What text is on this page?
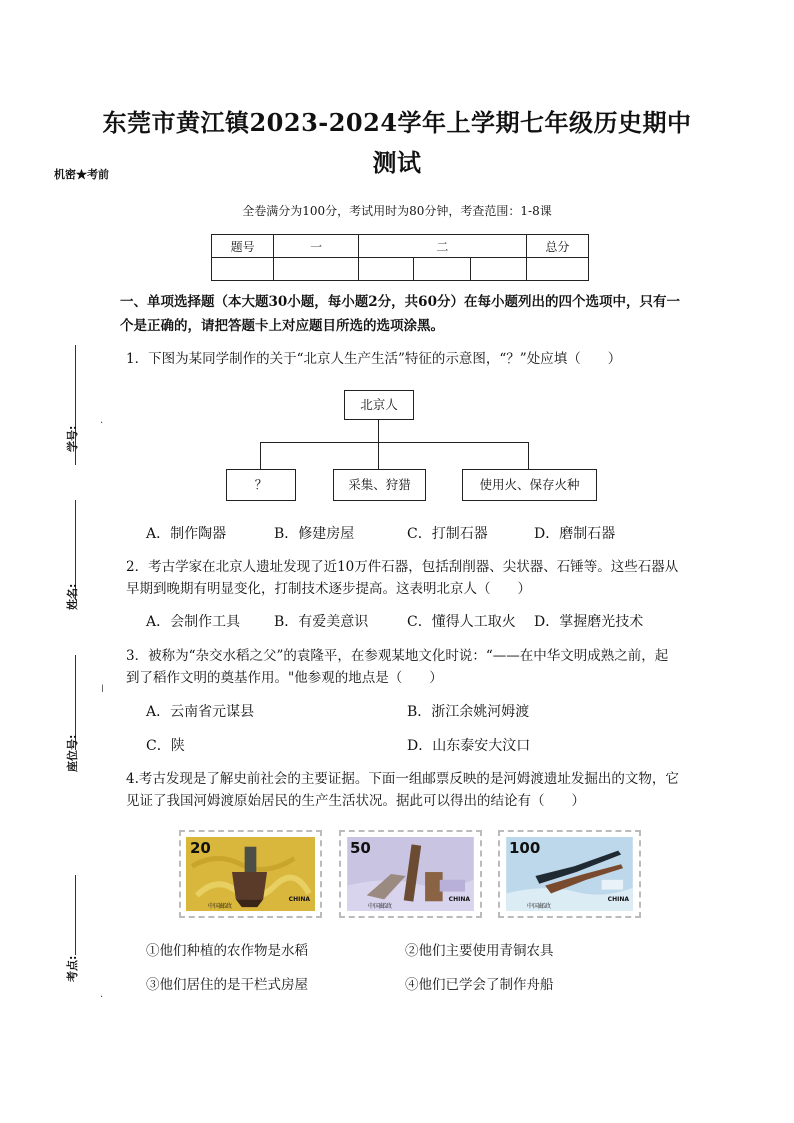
东莞市黄江镇2023-2024学年上学期七年级历史期中
测试
机密★考前
全卷满分为100分，考试用时为80分钟，考查范围：1-8课
题号	一	二			总分

学号:
姓名:
座位号:
考点:
·
ǀ
·
一、单项选择题（本大题30小题，每小题2分，共60分）在每小题列出的四个选项中，只有一个是正确的，请把答题卡上对应题目所选的选项涂黑。
1．下图为某同学制作的关于“北京人生产生活”特征的示意图，“？”处应填（　　）
北京人
？	采集、狩猎	使用火、保存火种
A．制作陶器	B．修建房屋	C．打制石器	D．磨制石器
2．考古学家在北京人遗址发现了近10万件石器，包括刮削器、尖状器、石锤等。这些石器从早期到晚期有明显变化，打制技术逐步提高。这表明北京人（　　）
A．会制作工具 B．有爱美意识	C．懂得人工取火 D．掌握磨光技术
3．被称为“杂交水稻之父”的袁隆平，在参观某地文化时说：“——在中华文明成熟之前，起到了稻作文明的奠基作用。"他参观的地点是（　　）
A．云南省元谋县	B．浙江余姚河姆渡
C．陕	D．山东泰安大汶口
4.考古发现是了解史前社会的主要证据。下面一组邮票反映的是河姆渡遗址发掘出的文物，它见证了我国河姆渡原始居民的生产生活状况。据此可以得出的结论有（　　）
20
CHINA
中国邮政
50
CHINA
中国邮政
100
CHINA
中国邮政
①他们种植的农作物是水稻	②他们主要使用青铜农具
③他们居住的是干栏式房屋	④他们已学会了制作舟船
